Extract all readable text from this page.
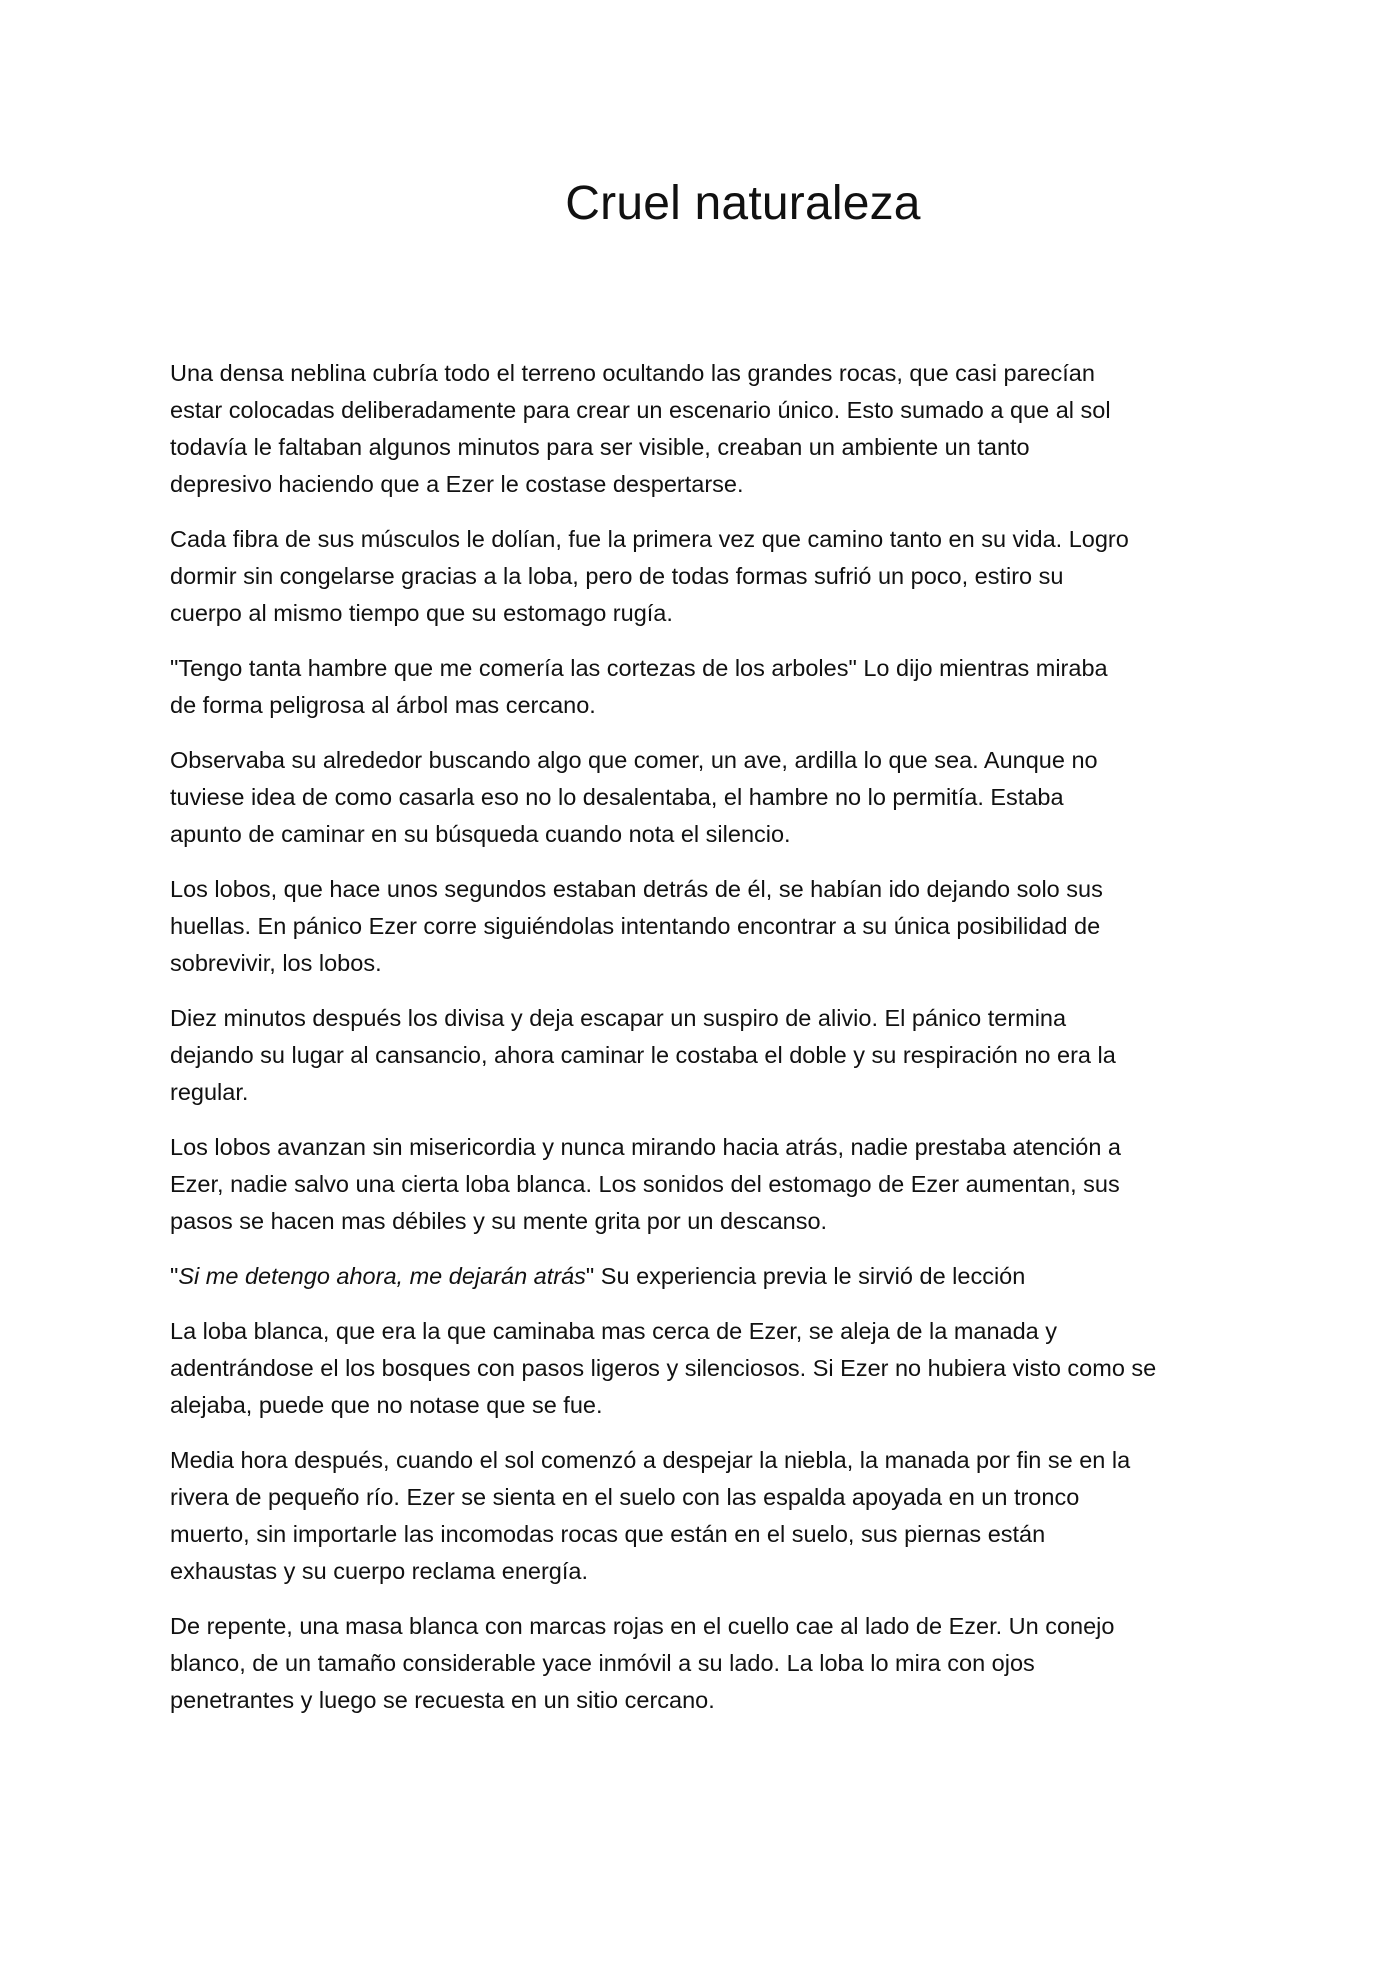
Cruel naturaleza

Una densa neblina cubría todo el terreno ocultando las grandes rocas, que casi parecían
estar colocadas deliberadamente para crear un escenario único. Esto sumado a que al sol
todavía le faltaban algunos minutos para ser visible, creaban un ambiente un tanto
depresivo haciendo que a Ezer le costase despertarse.

Cada fibra de sus músculos le dolían, fue la primera vez que camino tanto en su vida. Logro
dormir sin congelarse gracias a la loba, pero de todas formas sufrió un poco, estiro su
cuerpo al mismo tiempo que su estomago rugía.

"Tengo tanta hambre que me comería las cortezas de los arboles" Lo dijo mientras miraba
de forma peligrosa al árbol mas cercano.

Observaba su alrededor buscando algo que comer, un ave, ardilla lo que sea. Aunque no
tuviese idea de como casarla eso no lo desalentaba, el hambre no lo permitía. Estaba
apunto de caminar en su búsqueda cuando nota el silencio.

Los lobos, que hace unos segundos estaban detrás de él, se habían ido dejando solo sus
huellas. En pánico Ezer corre siguiéndolas intentando encontrar a su única posibilidad de
sobrevivir, los lobos.

Diez minutos después los divisa y deja escapar un suspiro de alivio. El pánico termina
dejando su lugar al cansancio, ahora caminar le costaba el doble y su respiración no era la
regular.

Los lobos avanzan sin misericordia y nunca mirando hacia atrás, nadie prestaba atención a
Ezer, nadie salvo una cierta loba blanca. Los sonidos del estomago de Ezer aumentan, sus
pasos se hacen mas débiles y su mente grita por un descanso.

"Si me detengo ahora, me dejarán atrás" Su experiencia previa le sirvió de lección

La loba blanca, que era la que caminaba mas cerca de Ezer, se aleja de la manada y
adentrándose el los bosques con pasos ligeros y silenciosos. Si Ezer no hubiera visto como se
alejaba, puede que no notase que se fue.

Media hora después, cuando el sol comenzó a despejar la niebla, la manada por fin se en la
rivera de pequeño río. Ezer se sienta en el suelo con las espalda apoyada en un tronco
muerto, sin importarle las incomodas rocas que están en el suelo, sus piernas están
exhaustas y su cuerpo reclama energía.

De repente, una masa blanca con marcas rojas en el cuello cae al lado de Ezer. Un conejo
blanco, de un tamaño considerable yace inmóvil a su lado. La loba lo mira con ojos
penetrantes y luego se recuesta en un sitio cercano.
